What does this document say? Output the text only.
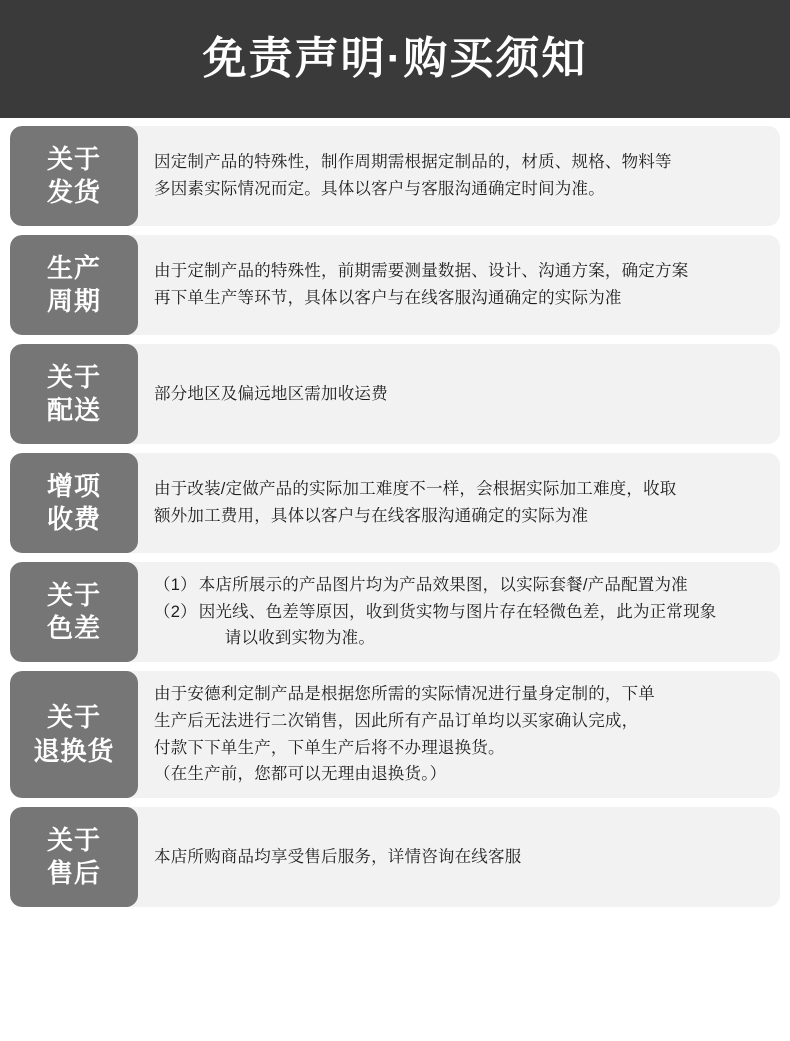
免责声明·购买须知
关于
发货

因定制产品的特殊性，制作周期需根据定制品的，材质、规格、物料等

多因素实际情况而定。具体以客户与客服沟通确定时间为准。

生产
周期

由于定制产品的特殊性，前期需要测量数据、设计、沟通方案，确定方案

再下单生产等环节，具体以客户与在线客服沟通确定的实际为准

关于
配送

部分地区及偏远地区需加收运费

增项
收费

由于改装/定做产品的实际加工难度不一样，会根据实际加工难度，收取

额外加工费用，具体以客户与在线客服沟通确定的实际为准

关于
色差
（1） 本店所展示的产品图片均为产品效果图，以实际套餐/产品配置为准

（2） 因光线、色差等原因，收到货实物与图片存在轻微色差，此为正常现象

请以收到实物为准。

关于
退换货

由于安德利定制产品是根据您所需的实际情况进行量身定制的，下单

生产后无法进行二次销售，因此所有产品订单均以买家确认完成，

付款下下单生产，下单生产后将不办理退换货。

（在生产前，您都可以无理由退换货。）

关于
售后

本店所购商品均享受售后服务，详情咨询在线客服
